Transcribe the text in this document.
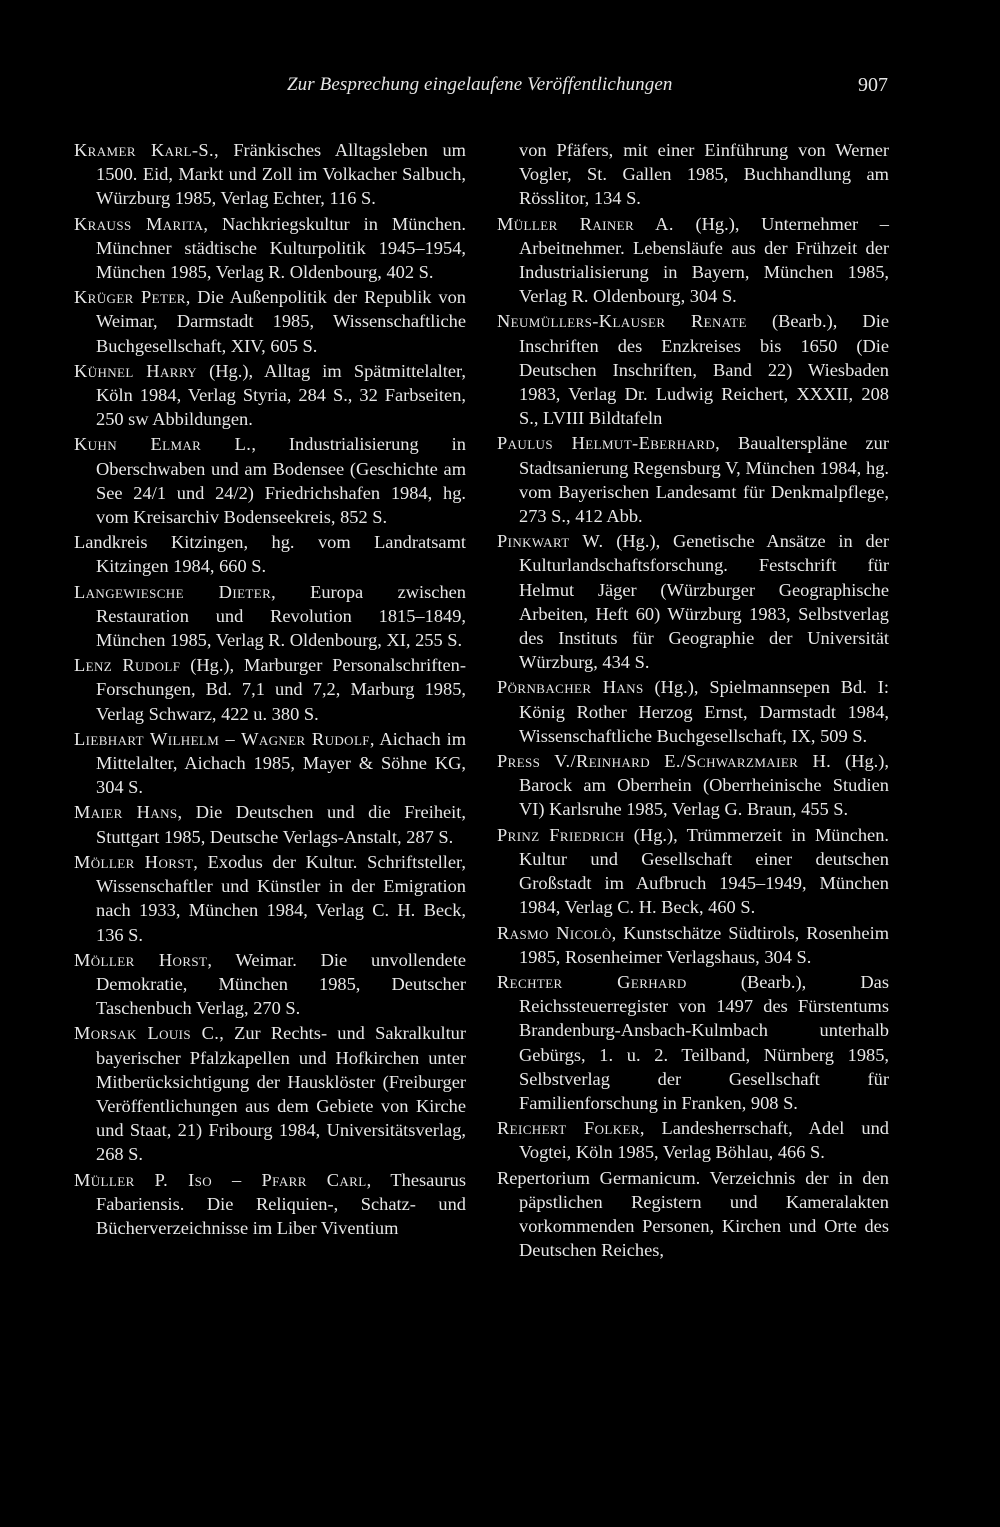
Zur Besprechung eingelaufene Veröffentlichungen	907

Kramer Karl-S., Fränkisches Alltagsleben um 1500. Eid, Markt und Zoll im Volkacher Salbuch, Würzburg 1985, Verlag Echter, 116 S.

Krauss Marita, Nachkriegskultur in München. Münchner städtische Kulturpolitik 1945–1954, München 1985, Verlag R. Oldenbourg, 402 S.

Krüger Peter, Die Außenpolitik der Republik von Weimar, Darmstadt 1985, Wissenschaftliche Buchgesellschaft, XIV, 605 S.

Kühnel Harry (Hg.), Alltag im Spätmittelalter, Köln 1984, Verlag Styria, 284 S., 32 Farbseiten, 250 sw Abbildungen.

Kuhn Elmar L., Industrialisierung in Oberschwaben und am Bodensee (Geschichte am See 24/1 und 24/2) Friedrichshafen 1984, hg. vom Kreisarchiv Bodenseekreis, 852 S.

Landkreis Kitzingen, hg. vom Landratsamt Kitzingen 1984, 660 S.

Langewiesche Dieter, Europa zwischen Restauration und Revolution 1815–1849, München 1985, Verlag R. Oldenbourg, XI, 255 S.

Lenz Rudolf (Hg.), Marburger Personalschriften-Forschungen, Bd. 7,1 und 7,2, Marburg 1985, Verlag Schwarz, 422 u. 380 S.

Liebhart Wilhelm – Wagner Rudolf, Aichach im Mittelalter, Aichach 1985, Mayer & Söhne KG, 304 S.

Maier Hans, Die Deutschen und die Freiheit, Stuttgart 1985, Deutsche Verlags-Anstalt, 287 S.

Möller Horst, Exodus der Kultur. Schriftsteller, Wissenschaftler und Künstler in der Emigration nach 1933, München 1984, Verlag C. H. Beck, 136 S.

Möller Horst, Weimar. Die unvollendete Demokratie, München 1985, Deutscher Taschenbuch Verlag, 270 S.

Morsak Louis C., Zur Rechts- und Sakralkultur bayerischer Pfalzkapellen und Hofkirchen unter Mitberücksichtigung der Hausklöster (Freiburger Veröffentlichungen aus dem Gebiete von Kirche und Staat, 21) Fribourg 1984, Universitätsverlag, 268 S.

Müller P. Iso – Pfarr Carl, Thesaurus Fabariensis. Die Reliquien-, Schatz- und Bücherverzeichnisse im Liber Viventium

von Pfäfers, mit einer Einführung von Werner Vogler, St. Gallen 1985, Buchhandlung am Rösslitor, 134 S.

Müller Rainer A. (Hg.), Unternehmer – Arbeitnehmer. Lebensläufe aus der Frühzeit der Industrialisierung in Bayern, München 1985, Verlag R. Oldenbourg, 304 S.

Neumüllers-Klauser Renate (Bearb.), Die Inschriften des Enzkreises bis 1650 (Die Deutschen Inschriften, Band 22) Wiesbaden 1983, Verlag Dr. Ludwig Reichert, XXXII, 208 S., LVIII Bildtafeln

Paulus Helmut-Eberhard, Baualterspläne zur Stadtsanierung Regensburg V, München 1984, hg. vom Bayerischen Landesamt für Denkmalpflege, 273 S., 412 Abb.

Pinkwart W. (Hg.), Genetische Ansätze in der Kulturlandschaftsforschung. Festschrift für Helmut Jäger (Würzburger Geographische Arbeiten, Heft 60) Würzburg 1983, Selbstverlag des Instituts für Geographie der Universität Würzburg, 434 S.

Pörnbacher Hans (Hg.), Spielmannsepen Bd. I: König Rother Herzog Ernst, Darmstadt 1984, Wissenschaftliche Buchgesellschaft, IX, 509 S.

Press V./Reinhard E./Schwarzmaier H. (Hg.), Barock am Oberrhein (Oberrheinische Studien VI) Karlsruhe 1985, Verlag G. Braun, 455 S.

Prinz Friedrich (Hg.), Trümmerzeit in München. Kultur und Gesellschaft einer deutschen Großstadt im Aufbruch 1945–1949, München 1984, Verlag C. H. Beck, 460 S.

Rasmo Nicolò, Kunstschätze Südtirols, Rosenheim 1985, Rosenheimer Verlagshaus, 304 S.

Rechter Gerhard (Bearb.), Das Reichssteuerregister von 1497 des Fürstentums Brandenburg-Ansbach-Kulmbach unterhalb Gebürgs, 1. u. 2. Teilband, Nürnberg 1985, Selbstverlag der Gesellschaft für Familienforschung in Franken, 908 S.

Reichert Folker, Landesherrschaft, Adel und Vogtei, Köln 1985, Verlag Böhlau, 466 S.

Repertorium Germanicum. Verzeichnis der in den päpstlichen Registern und Kameralakten vorkommenden Personen, Kirchen und Orte des Deutschen Reiches,
